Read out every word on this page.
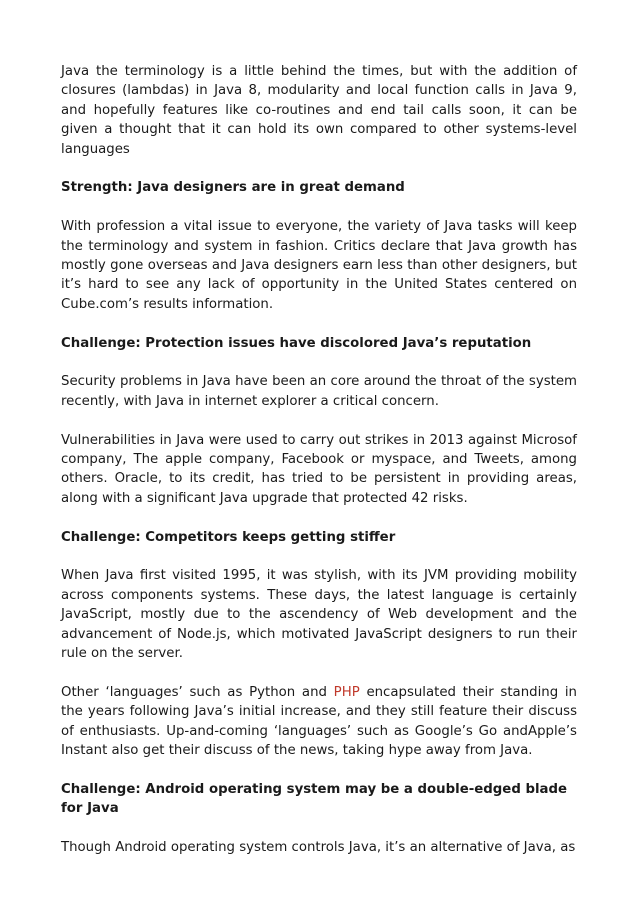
Java the terminology is a little behind the times, but with the addition of closures (lambdas) in Java 8, modularity and local function calls in Java 9, and hopefully features like co-routines and end tail calls soon, it can be given a thought that it can hold its own compared to other systems-level languages

Strength: Java designers are in great demand

With profession a vital issue to everyone, the variety of Java tasks will keep the terminology and system in fashion. Critics declare that Java growth has mostly gone overseas and Java designers earn less than other designers, but it’s hard to see any lack of opportunity in the United States centered on Cube.com’s results information.

Challenge: Protection issues have discolored Java’s reputation

Security problems in Java have been an core around the throat of the system recently, with Java in internet explorer a critical concern.

Vulnerabilities in Java were used to carry out strikes in 2013 against Microsof company, The apple company, Facebook or myspace, and Tweets, among others. Oracle, to its credit, has tried to be persistent in providing areas, along with a significant Java upgrade that protected 42 risks.

Challenge: Competitors keeps getting stiffer

When Java first visited 1995, it was stylish, with its JVM providing mobility across components systems. These days, the latest language is certainly JavaScript, mostly due to the ascendency of Web development and the advancement of Node.js, which motivated JavaScript designers to run their rule on the server.

Other ‘languages’ such as Python and PHP encapsulated their standing in the years following Java’s initial increase, and they still feature their discuss of enthusiasts. Up-and-coming ‘languages’ such as Google’s Go andApple’s Instant also get their discuss of the news, taking hype away from Java.

Challenge: Android operating system may be a double-edged blade for Java

Though Android operating system controls Java, it’s an alternative of Java, as
